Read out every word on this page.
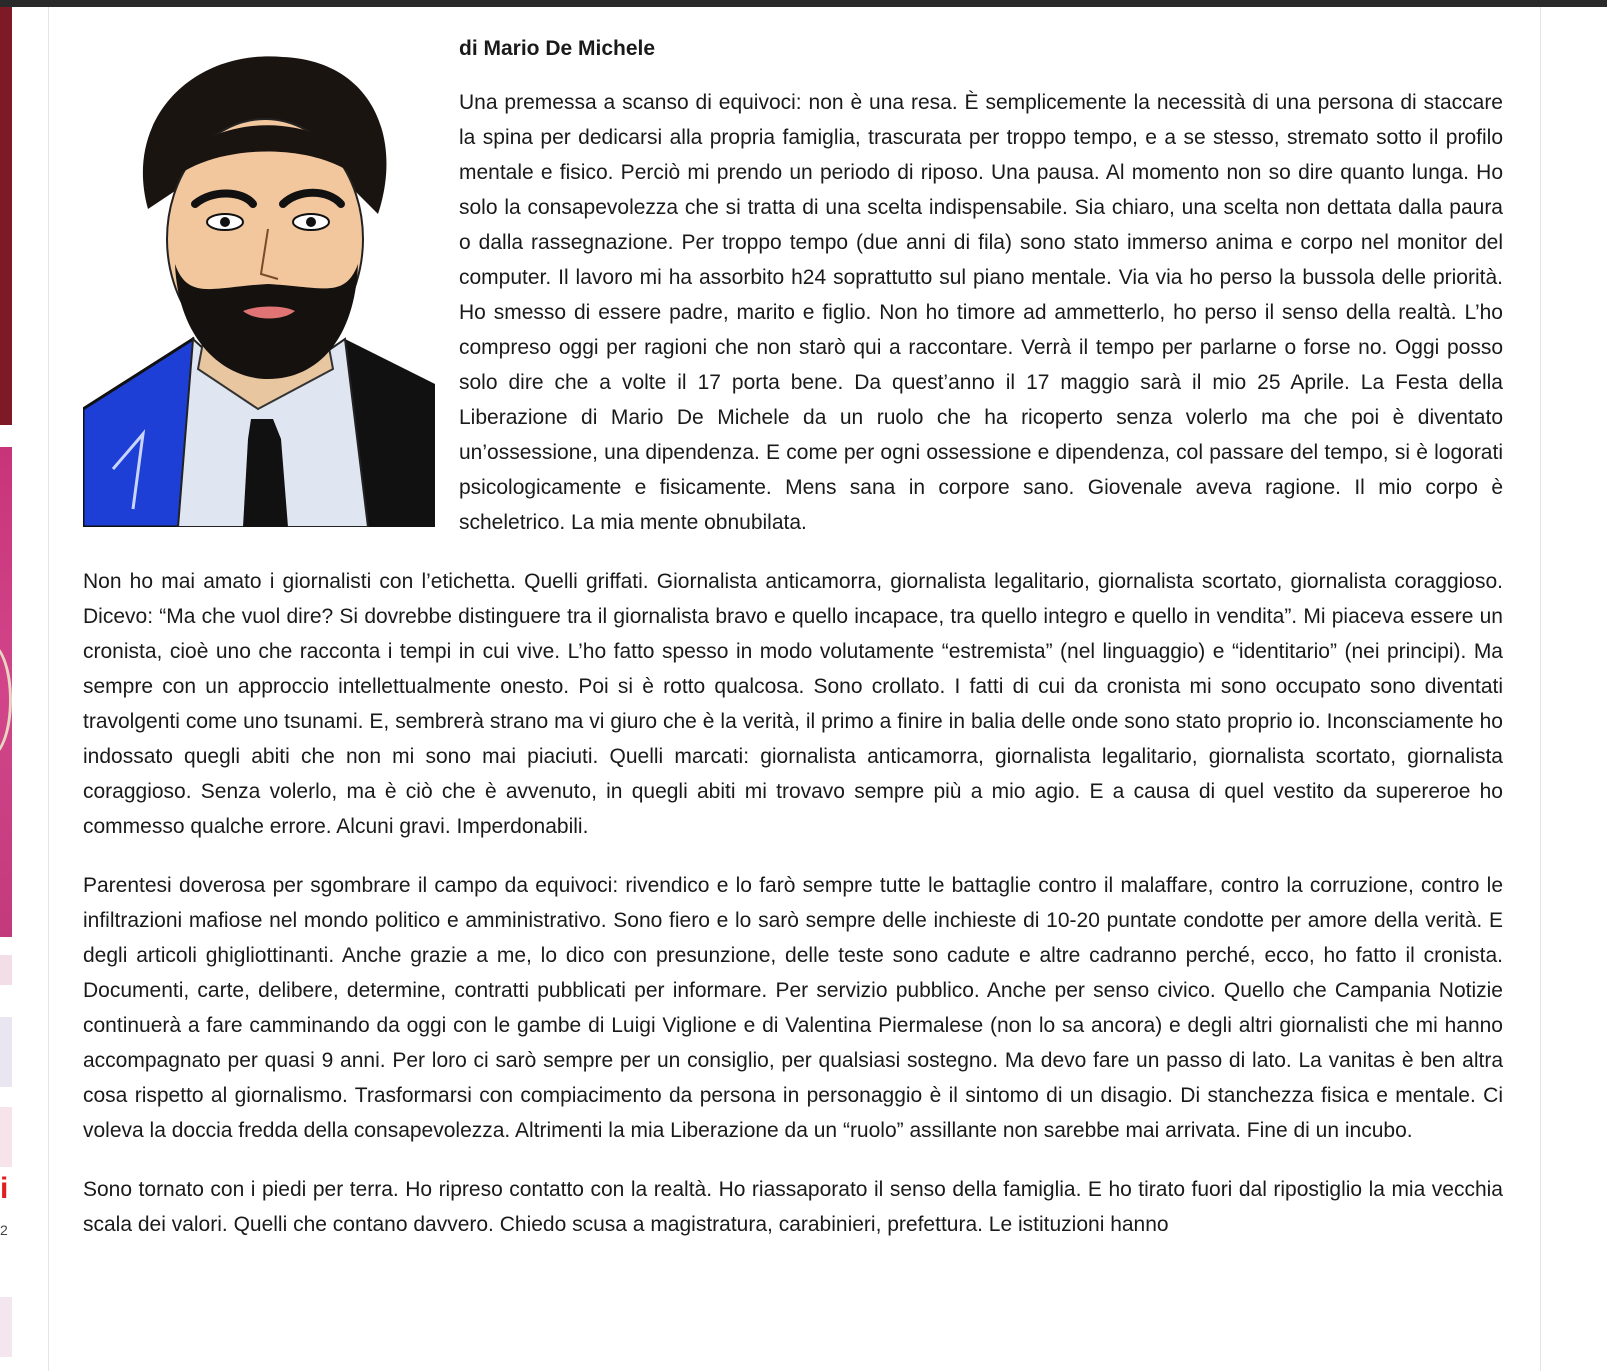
i
2
di Mario De Michele

Una premessa a scanso di equivoci: non è una resa. È semplicemente la necessità di una persona di staccare la spina per dedicarsi alla propria famiglia, trascurata per troppo tempo, e a se stesso, stremato sotto il profilo mentale e fisico. Perciò mi prendo un periodo di riposo. Una pausa. Al momento non so dire quanto lunga. Ho solo la consapevolezza che si tratta di una scelta indispensabile. Sia chiaro, una scelta non dettata dalla paura o dalla rassegnazione. Per troppo tempo (due anni di fila) sono stato immerso anima e corpo nel monitor del computer. Il lavoro mi ha assorbito h24 soprattutto sul piano mentale. Via via ho perso la bussola delle priorità. Ho smesso di essere padre, marito e figlio. Non ho timore ad ammetterlo, ho perso il senso della realtà. L’ho compreso oggi per ragioni che non starò qui a raccontare. Verrà il tempo per parlarne o forse no. Oggi posso solo dire che a volte il 17 porta bene. Da quest’anno il 17 maggio sarà il mio 25 Aprile. La Festa della Liberazione di Mario De Michele da un ruolo che ha ricoperto senza volerlo ma che poi è diventato un’ossessione, una dipendenza. E come per ogni ossessione e dipendenza, col passare del tempo, si è logorati psicologicamente e fisicamente. Mens sana in corpore sano. Giovenale aveva ragione. Il mio corpo è scheletrico. La mia mente obnubilata.

Non ho mai amato i giornalisti con l’etichetta. Quelli griffati. Giornalista anticamorra, giornalista legalitario, giornalista scortato, giornalista coraggioso. Dicevo: “Ma che vuol dire? Si dovrebbe distinguere tra il giornalista bravo e quello incapace, tra quello integro e quello in vendita”. Mi piaceva essere un cronista, cioè uno che racconta i tempi in cui vive. L’ho fatto spesso in modo volutamente “estremista” (nel linguaggio) e “identitario” (nei principi). Ma sempre con un approccio intellettualmente onesto. Poi si è rotto qualcosa. Sono crollato. I fatti di cui da cronista mi sono occupato sono diventati travolgenti come uno tsunami. E, sembrerà strano ma vi giuro che è la verità, il primo a finire in balia delle onde sono stato proprio io. Inconsciamente ho indossato quegli abiti che non mi sono mai piaciuti. Quelli marcati: giornalista anticamorra, giornalista legalitario, giornalista scortato, giornalista coraggioso. Senza volerlo, ma è ciò che è avvenuto, in quegli abiti mi trovavo sempre più a mio agio. E a causa di quel vestito da supereroe ho commesso qualche errore. Alcuni gravi. Imperdonabili.

Parentesi doverosa per sgombrare il campo da equivoci: rivendico e lo farò sempre tutte le battaglie contro il malaffare, contro la corruzione, contro le infiltrazioni mafiose nel mondo politico e amministrativo. Sono fiero e lo sarò sempre delle inchieste di 10-20 puntate condotte per amore della verità. E degli articoli ghigliottinanti. Anche grazie a me, lo dico con presunzione, delle teste sono cadute e altre cadranno perché, ecco, ho fatto il cronista. Documenti, carte, delibere, determine, contratti pubblicati per informare. Per servizio pubblico. Anche per senso civico. Quello che Campania Notizie continuerà a fare camminando da oggi con le gambe di Luigi Viglione e di Valentina Piermalese (non lo sa ancora) e degli altri giornalisti che mi hanno accompagnato per quasi 9 anni. Per loro ci sarò sempre per un consiglio, per qualsiasi sostegno. Ma devo fare un passo di lato. La vanitas è ben altra cosa rispetto al giornalismo. Trasformarsi con compiacimento da persona in personaggio è il sintomo di un disagio. Di stanchezza fisica e mentale. Ci voleva la doccia fredda della consapevolezza. Altrimenti la mia Liberazione da un “ruolo” assillante non sarebbe mai arrivata. Fine di un incubo.

Sono tornato con i piedi per terra. Ho ripreso contatto con la realtà. Ho riassaporato il senso della famiglia. E ho tirato fuori dal ripostiglio la mia vecchia scala dei valori. Quelli che contano davvero. Chiedo scusa a magistratura, carabinieri, prefettura. Le istituzioni hanno
